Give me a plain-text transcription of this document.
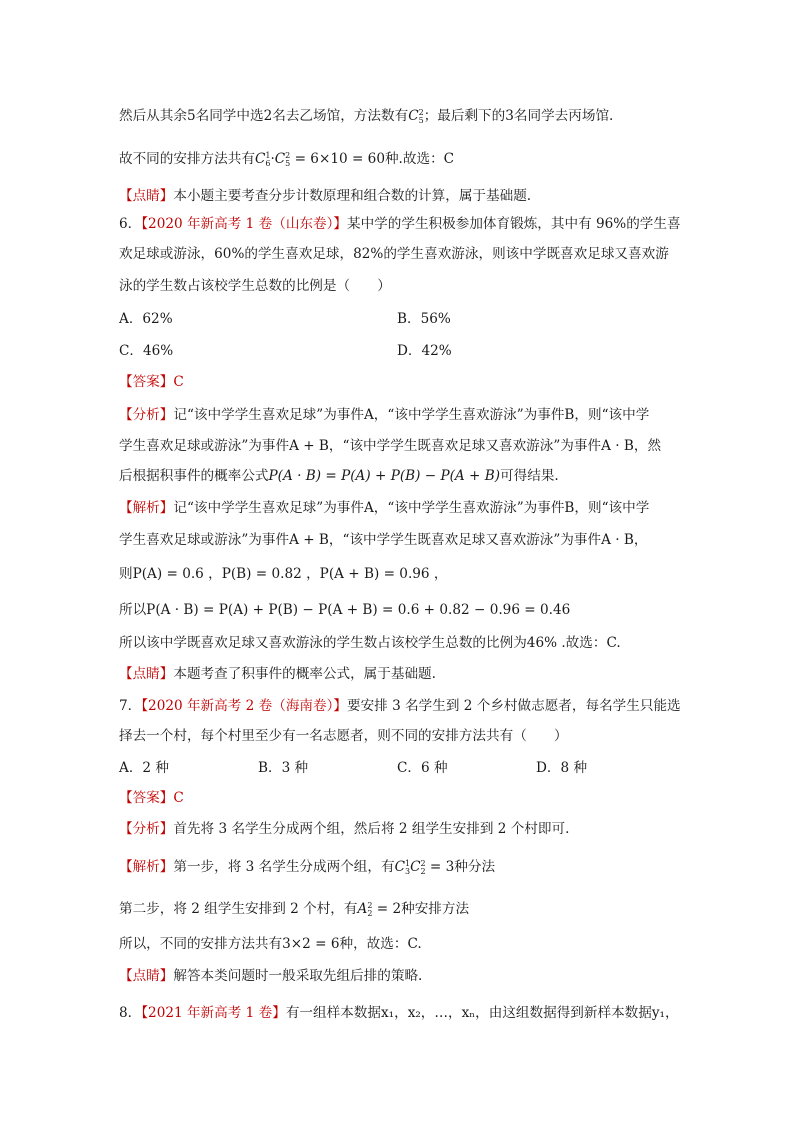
然后从其余5名同学中选2名去乙场馆，方法数有C 2
5 ；最后剩下的3名同学去丙场馆.
故不同的安排方法共有C 1
6 ·C 2
5 = 6×10 = 60种.故选：C
【点睛】本小题主要考查分步计数原理和组合数的计算，属于基础题.
6．【2020 年新高考 1 卷（山东卷）】某中学的学生积极参加体育锻炼，其中有 96%的学生喜
欢足球或游泳，60%的学生喜欢足球，82%的学生喜欢游泳，则该中学既喜欢足球又喜欢游
泳的学生数占该校学生总数的比例是（　　）
A．62%	B．56%
C．46%	D．42%
【答案】C
【分析】记“该中学学生喜欢足球”为事件A，“该中学学生喜欢游泳”为事件B，则“该中学
学生喜欢足球或游泳”为事件A + B，“该中学学生既喜欢足球又喜欢游泳”为事件A · B，然
后根据积事件的概率公式P(A · B) = P(A) + P(B) − P(A + B)可得结果.
【解析】记“该中学学生喜欢足球”为事件A，“该中学学生喜欢游泳”为事件B，则“该中学
学生喜欢足球或游泳”为事件A + B，“该中学学生既喜欢足球又喜欢游泳”为事件A · B，
则P(A) = 0.6 ，P(B) = 0.82 ，P(A + B) = 0.96 ，
所以P(A · B) = P(A) + P(B) − P(A + B) = 0.6 + 0.82 − 0.96 = 0.46
所以该中学既喜欢足球又喜欢游泳的学生数占该校学生总数的比例为46% .故选：C.
【点睛】本题考查了积事件的概率公式，属于基础题.
7．【2020 年新高考 2 卷（海南卷）】要安排 3 名学生到 2 个乡村做志愿者，每名学生只能选
择去一个村，每个村里至少有一名志愿者，则不同的安排方法共有（　　）
A．2 种	B．3 种	C．6 种	D．8 种
【答案】C
【分析】首先将 3 名学生分成两个组，然后将 2 组学生安排到 2 个村即可.
【解析】第一步，将 3 名学生分成两个组，有C 1
3 C 2
2 = 3种分法
第二步，将 2 组学生安排到 2 个村，有A 2
2 = 2种安排方法
所以，不同的安排方法共有3×2 = 6种，故选：C.
【点睛】解答本类问题时一般采取先组后排的策略.
8．【2021 年新高考 1 卷】有一组样本数据x₁，x₂，…，xₙ，由这组数据得到新样本数据y₁，
